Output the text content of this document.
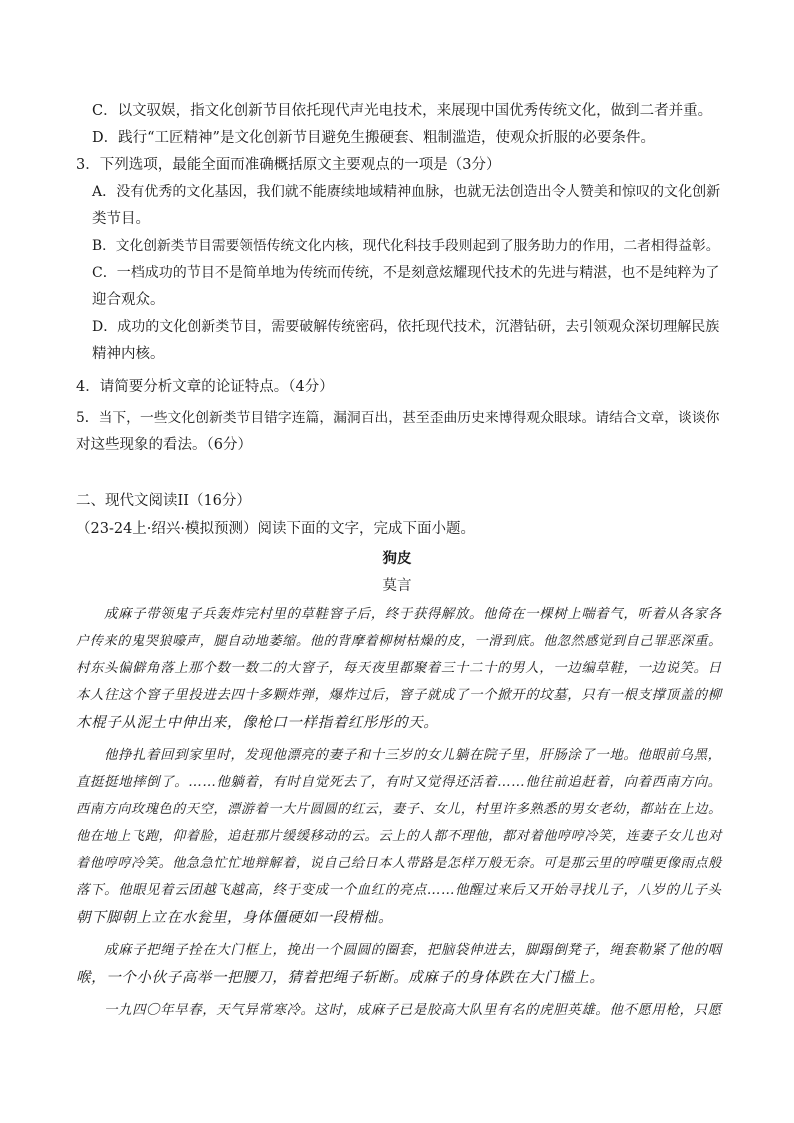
C．以文驭娱，指文化创新节目依托现代声光电技术，来展现中国优秀传统文化，做到二者并重。
D．践行“工匠精神”是文化创新节目避免生搬硬套、粗制滥造，使观众折服的必要条件。
3．下列选项，最能全面而准确概括原文主要观点的一项是（3分）
A．没有优秀的文化基因，我们就不能赓续地域精神血脉，也就无法创造出令人赞美和惊叹的文化创新
类节目。
B．文化创新类节目需要领悟传统文化内核，现代化科技手段则起到了服务助力的作用，二者相得益彰。
C．一档成功的节目不是简单地为传统而传统，不是刻意炫耀现代技术的先进与精湛，也不是纯粹为了
迎合观众。
D．成功的文化创新类节目，需要破解传统密码，依托现代技术，沉潜钻研，去引领观众深切理解民族
精神内核。
4．请简要分析文章的论证特点。（4分）
5．当下，一些文化创新类节目错字连篇，漏洞百出，甚至歪曲历史来博得观众眼球。请结合文章，谈谈你
对这些现象的看法。（6分）
二、现代文阅读II（16分）
（23-24上·绍兴·模拟预测）阅读下面的文字，完成下面小题。
狗皮
莫言
成麻子带领鬼子兵轰炸完村里的草鞋窨子后，终于获得解放。他倚在一棵树上喘着气，听着从各家各
户传来的鬼哭狼嚎声，腿自动地萎缩。他的背摩着柳树枯燥的皮，一滑到底。他忽然感觉到自己罪恶深重。
村东头偏僻角落上那个数一数二的大窨子，每天夜里都聚着三十二十的男人，一边编草鞋，一边说笑。日
本人往这个窨子里投进去四十多颗炸弹，爆炸过后，窨子就成了一个掀开的坟墓，只有一根支撑顶盖的柳
木棍子从泥土中伸出来，像枪口一样指着红彤彤的天。
他挣扎着回到家里时，发现他漂亮的妻子和十三岁的女儿躺在院子里，肝肠涂了一地。他眼前乌黑，
直挺挺地摔倒了。……他躺着，有时自觉死去了，有时又觉得还活着……他往前追赶着，向着西南方向。
西南方向玫瑰色的天空，漂游着一大片圆圆的红云，妻子、女儿，村里许多熟悉的男女老幼，都站在上边。
他在地上飞跑，仰着脸，追赶那片缓缓移动的云。云上的人都不理他，都对着他哼哼冷笑，连妻子女儿也对
着他哼哼冷笑。他急急忙忙地辩解着，说自己给日本人带路是怎样万般无奈。可是那云里的哼嗤更像雨点般
落下。他眼见着云团越飞越高，终于变成一个血红的亮点……他醒过来后又开始寻找儿子，八岁的儿子头
朝下脚朝上立在水瓮里，身体僵硬如一段榾柮。
成麻子把绳子拴在大门框上，挽出一个圆圆的圈套，把脑袋伸进去，脚蹋倒凳子，绳套勒紧了他的咽
喉，一个小伙子高举一把腰刀，猜着把绳子斩断。成麻子的身体跌在大门槛上。
一九四〇年早春，天气异常寒冷。这时，成麻子已是胶高大队里有名的虎胆英雄。他不愿用枪，只愿
